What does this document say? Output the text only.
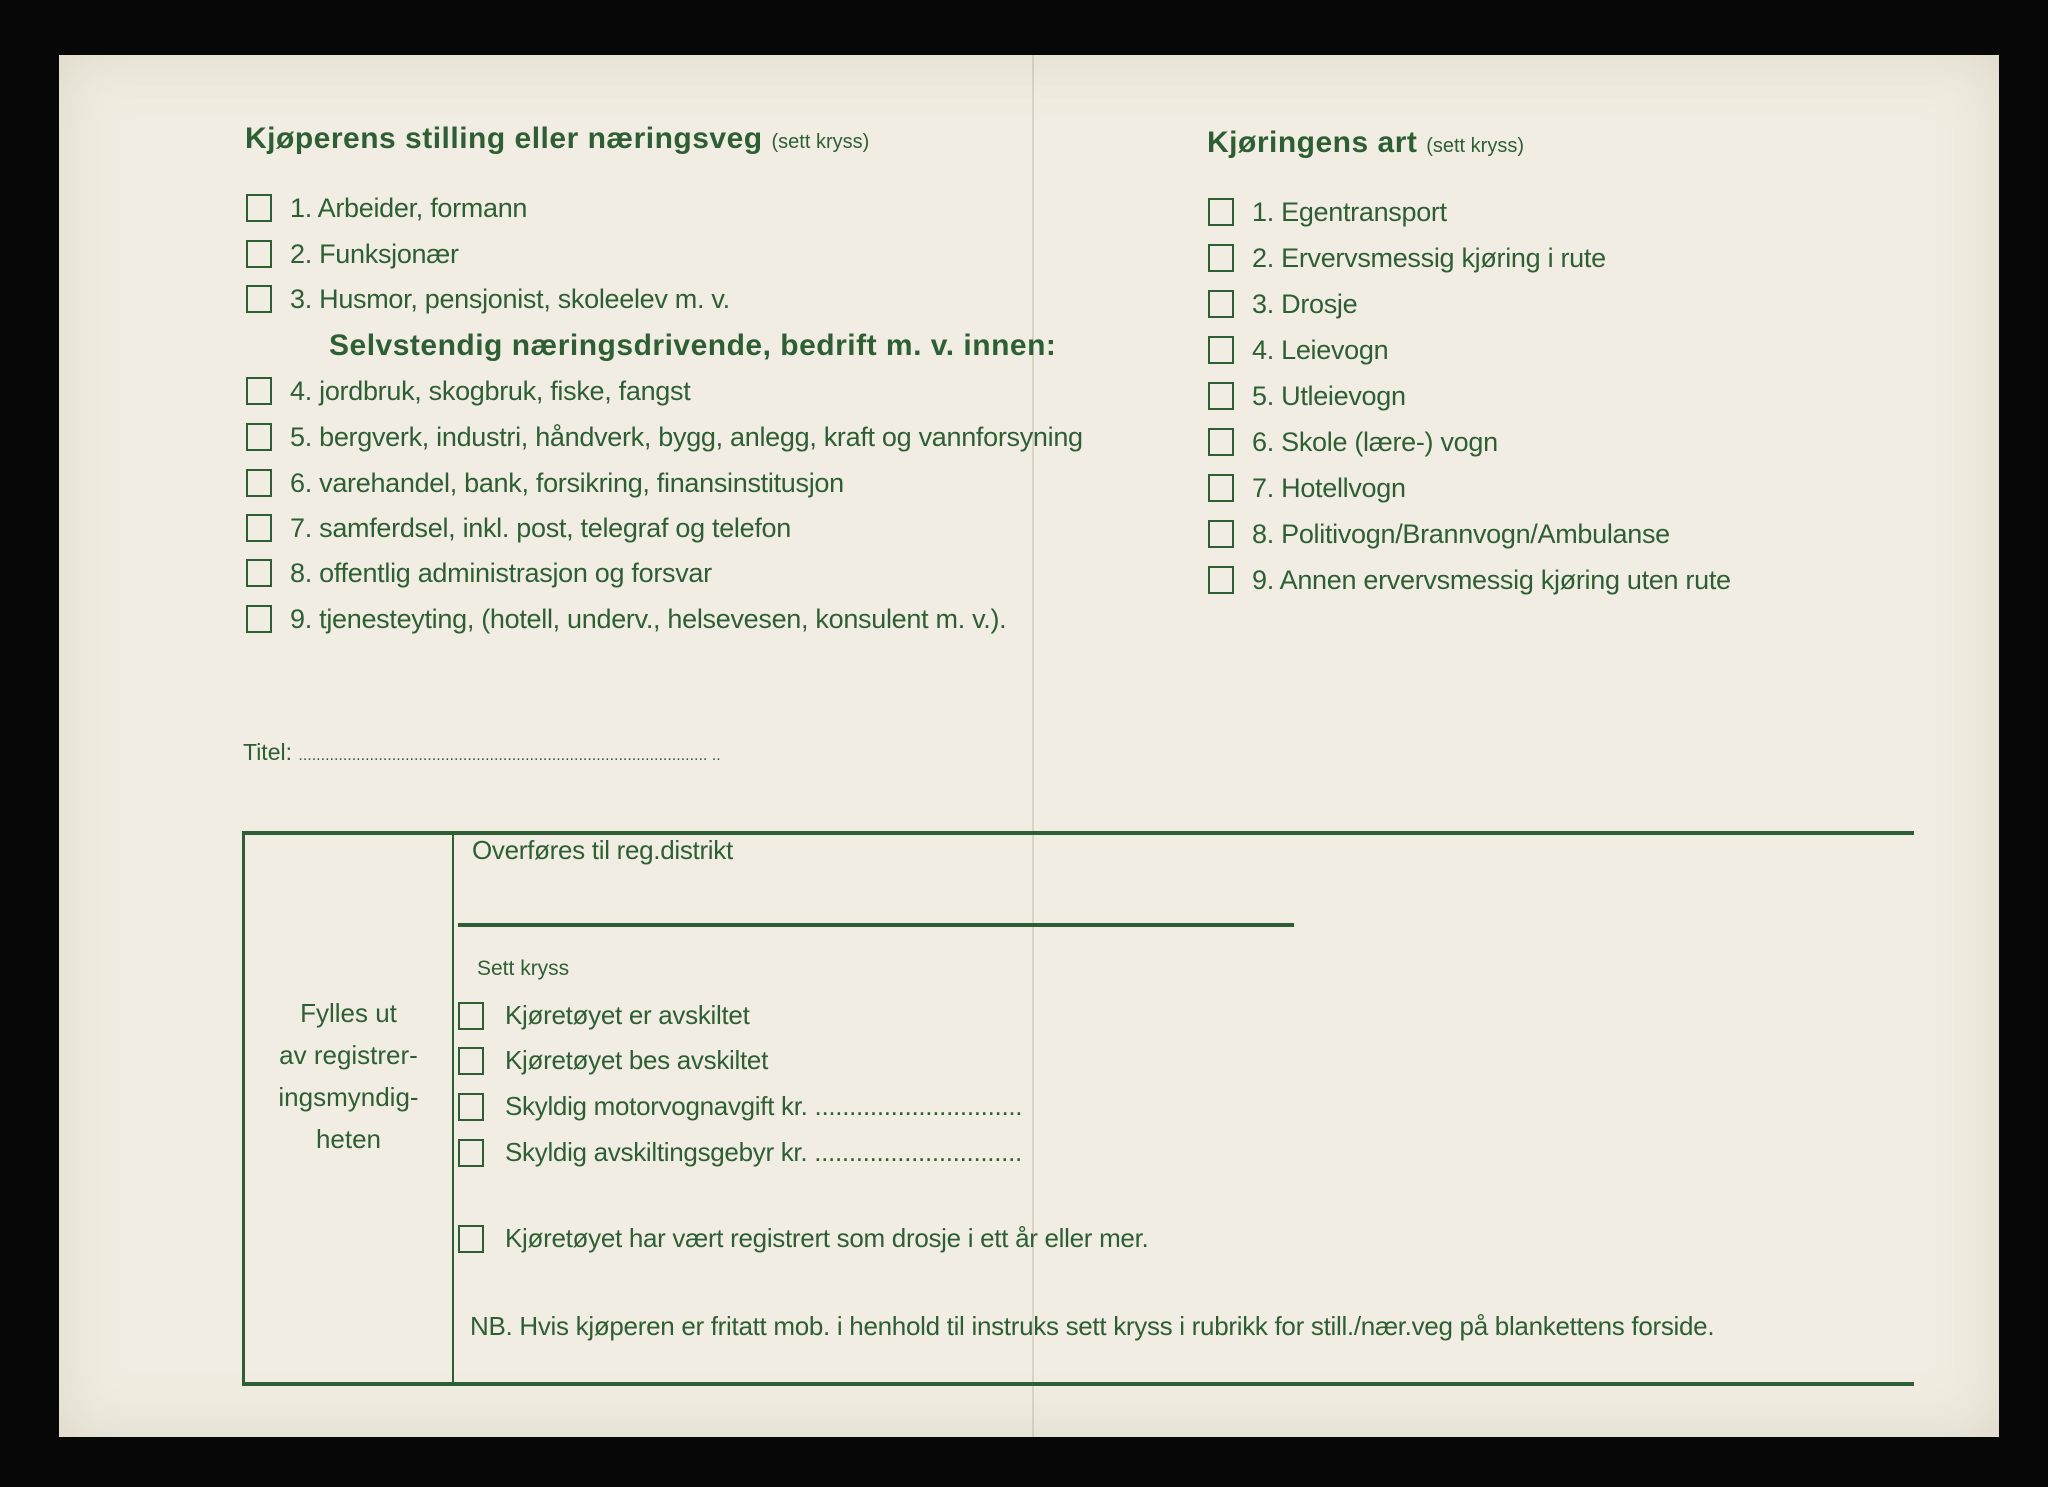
Kjøperens stilling eller næringsveg (sett kryss)
1. Arbeider, formann
2. Funksjonær
3. Husmor, pensjonist, skoleelev m. v.
Selvstendig næringsdrivende, bedrift m. v. innen:
4. jordbruk, skogbruk, fiske, fangst
5. bergverk, industri, håndverk, bygg, anlegg, kraft og vannforsyning
6. varehandel, bank, forsikring, finansinstitusjon
7. samferdsel, inkl. post, telegraf og telefon
8. offentlig administrasjon og forsvar
9. tjenesteyting, (hotell, underv., helsevesen, konsulent m. v.).
Kjøringens art (sett kryss)
1. Egentransport
2. Ervervsmessig kjøring i rute
3. Drosje
4. Leievogn
5. Utleievogn
6. Skole (lære-) vogn
7. Hotellvogn
8. Politivogn/Brannvogn/Ambulanse
9. Annen ervervsmessig kjøring uten rute
Titel: ............................................................................................ ..
Fylles ut
av registrer-
ingsmyndig-
heten
Overføres til reg.distrikt
Sett kryss
Kjøretøyet er avskiltet
Kjøretøyet bes avskiltet
Skyldig motorvognavgift kr. ..............................
Skyldig avskiltingsgebyr kr. ..............................
Kjøretøyet har vært registrert som drosje i ett år eller mer.
NB. Hvis kjøperen er fritatt mob. i henhold til instruks sett kryss i rubrikk for still./nær.veg på blankettens forside.
